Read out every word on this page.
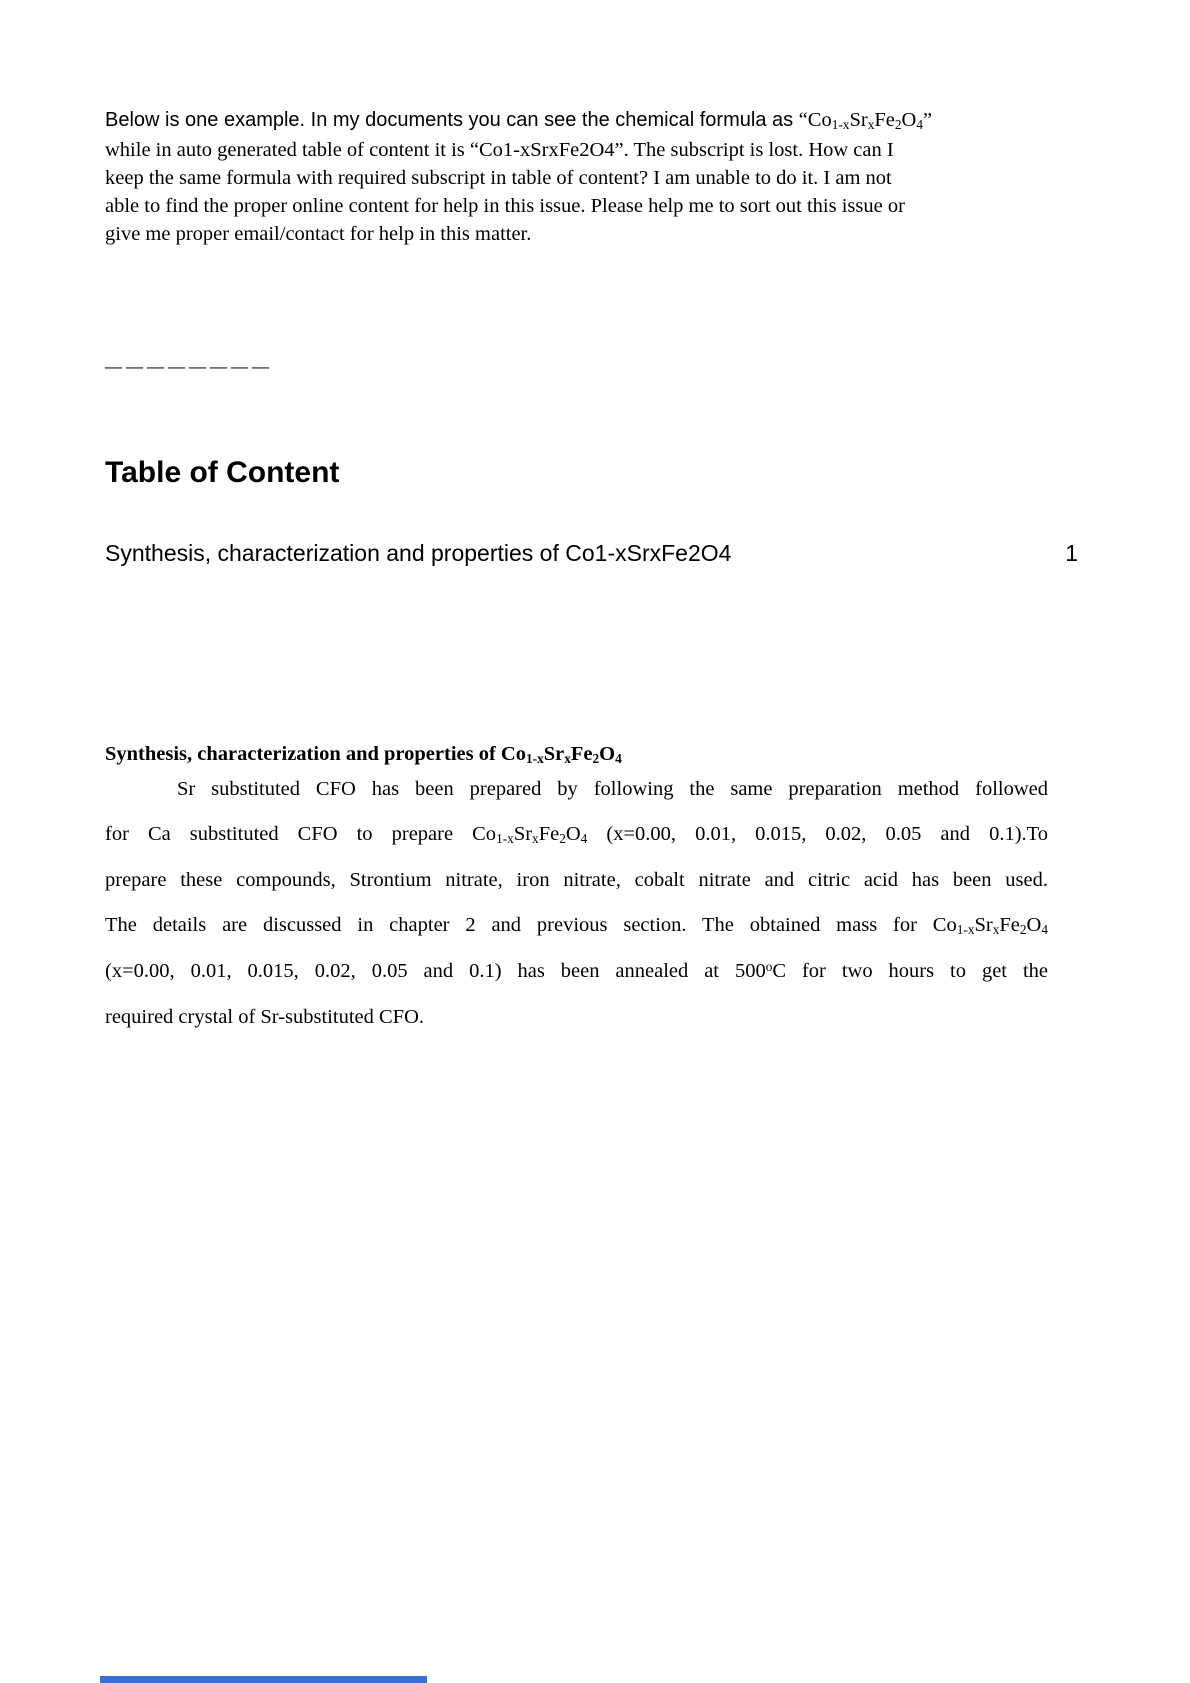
Below is one example. In my documents you can see the chemical formula as “Co1-xSrxFe2O4”
while in auto generated table of content it is “Co1-xSrxFe2O4”. The subscript is lost. How can I
keep the same formula with required subscript in table of content? I am unable to do it. I am not
able to find the proper online content for help in this issue. Please help me to sort out this issue or
give me proper email/contact for help in this matter.
————————
Table of Content
Synthesis, characterization and properties of Co1-xSrxFe2O4	1
Synthesis, characterization and properties of Co1-xSrxFe2O4
Sr substituted CFO has been prepared by following the same preparation method followed
for Ca substituted CFO to prepare Co1-xSrxFe2O4 (x=0.00, 0.01, 0.015, 0.02, 0.05 and 0.1).To
prepare these compounds, Strontium nitrate, iron nitrate, cobalt nitrate and citric acid has been used.
The details are discussed in chapter 2 and previous section. The obtained mass for Co1-xSrxFe2O4
(x=0.00, 0.01, 0.015, 0.02, 0.05 and 0.1) has been annealed at 500$^o$C for two hours to get the
required crystal of Sr-substituted CFO.
